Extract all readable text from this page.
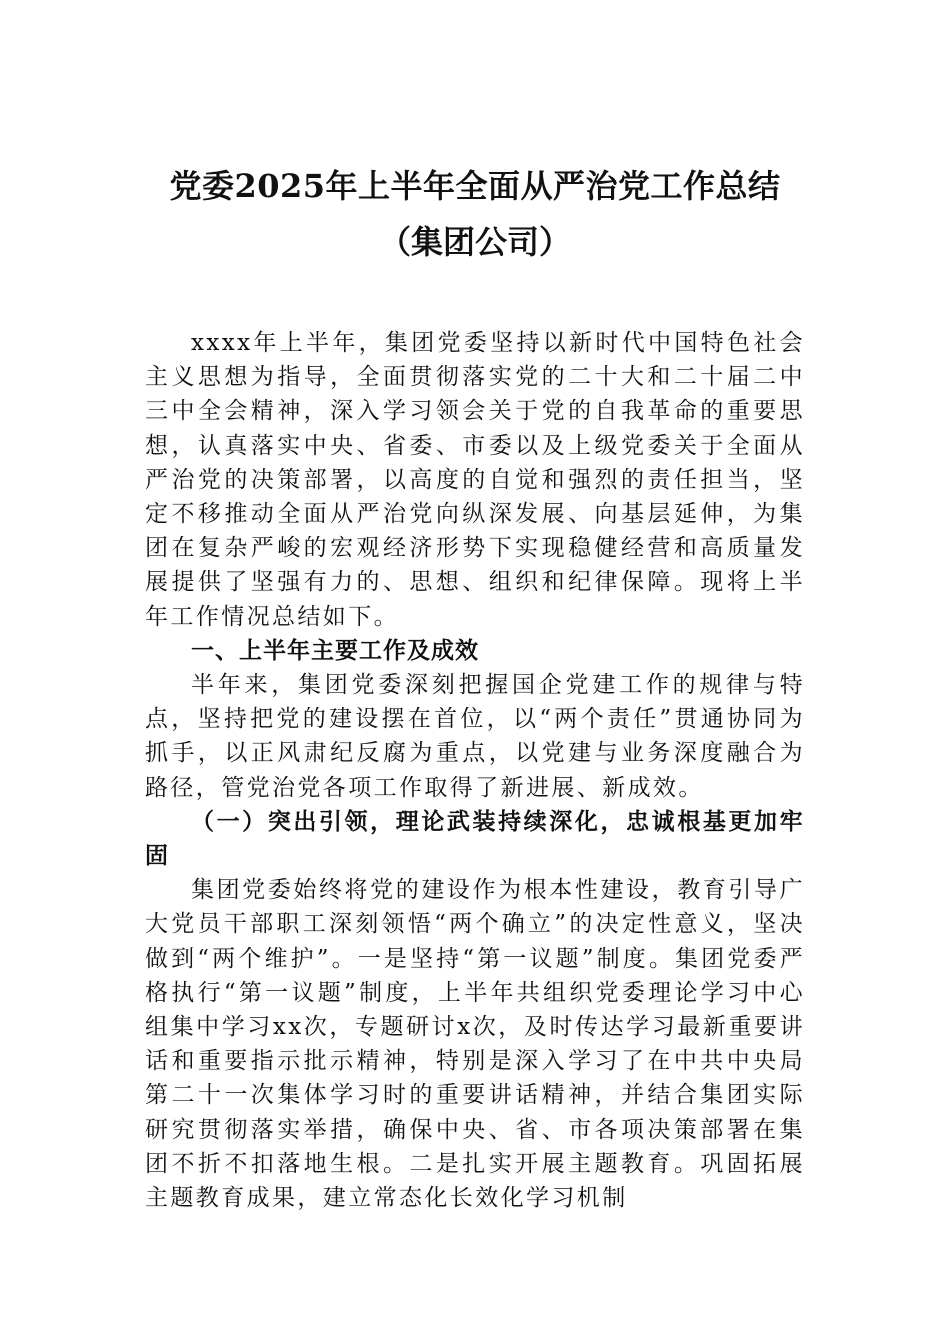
党委2025年上半年全面从严治党工作总结
（集团公司）

xxxx年上半年，集团党委坚持以新时代中国特色社会主义思想为指导，全面贯彻落实党的二十大和二十届二中三中全会精神，深入学习领会关于党的自我革命的重要思想，认真落实中央、省委、市委以及上级党委关于全面从严治党的决策部署，以高度的自觉和强烈的责任担当，坚定不移推动全面从严治党向纵深发展、向基层延伸，为集团在复杂严峻的宏观经济形势下实现稳健经营和高质量发展提供了坚强有力的、思想、组织和纪律保障。现将上半年工作情况总结如下。

一、上半年主要工作及成效

半年来，集团党委深刻把握国企党建工作的规律与特点，坚持把党的建设摆在首位，以“两个责任”贯通协同为抓手，以正风肃纪反腐为重点，以党建与业务深度融合为路径，管党治党各项工作取得了新进展、新成效。

（一）突出引领，理论武装持续深化，忠诚根基更加牢固

集团党委始终将党的建设作为根本性建设，教育引导广大党员干部职工深刻领悟“两个确立”的决定性意义，坚决做到“两个维护”。一是坚持“第一议题”制度。集团党委严格执行“第一议题”制度，上半年共组织党委理论学习中心组集中学习xx次，专题研讨x次，及时传达学习最新重要讲话和重要指示批示精神，特别是深入学习了在中共中央局第二十一次集体学习时的重要讲话精神，并结合集团实际研究贯彻落实举措，确保中央、省、市各项决策部署在集团不折不扣落地生根。二是扎实开展主题教育。巩固拓展主题教育成果，建立常态化长效化学习机制
